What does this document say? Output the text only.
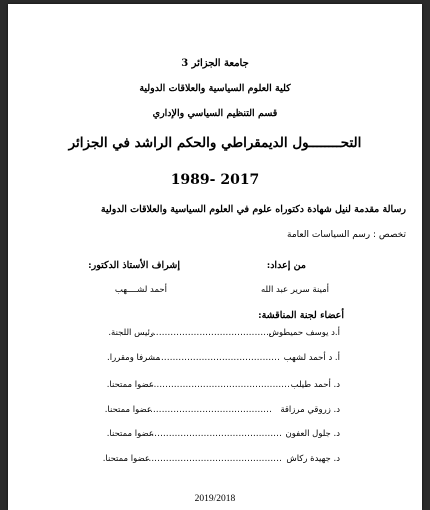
جامعة الجزائر 3
كلية العلوم السياسية والعلاقات الدولية
قسم التنظيم السياسي والإداري
التحــــــــول الديمقراطي والحكم الراشد في الجزائر
1989- 2017
رسالة مقدمة لنيل شهادة دكتوراه علوم في العلوم السياسية والعلاقات الدولية
تخصص : رسم السياسات العامة
من إعداد:
إشراف الأستاذ الدكتور:
أمينة سرير عبد الله
أحمد لشــــهب
أعضاء لجنة المناقشة:
أ.د يوسف حميطوش
..........................................
رئيس اللجنة.
أ. د أحمد لشهب
..........................................
مشرفا ومقررا.
د. أحمد طيلب
..................................................
عضوا ممتحنا.
د. زروقي مرزاقة
...........................................
عضوا ممتحنا.
د. جلول العفون
..............................................
عضوا ممتحنا.
د. جهيدة ركاش
................................................
عضوا ممتحنا.
2019/2018
